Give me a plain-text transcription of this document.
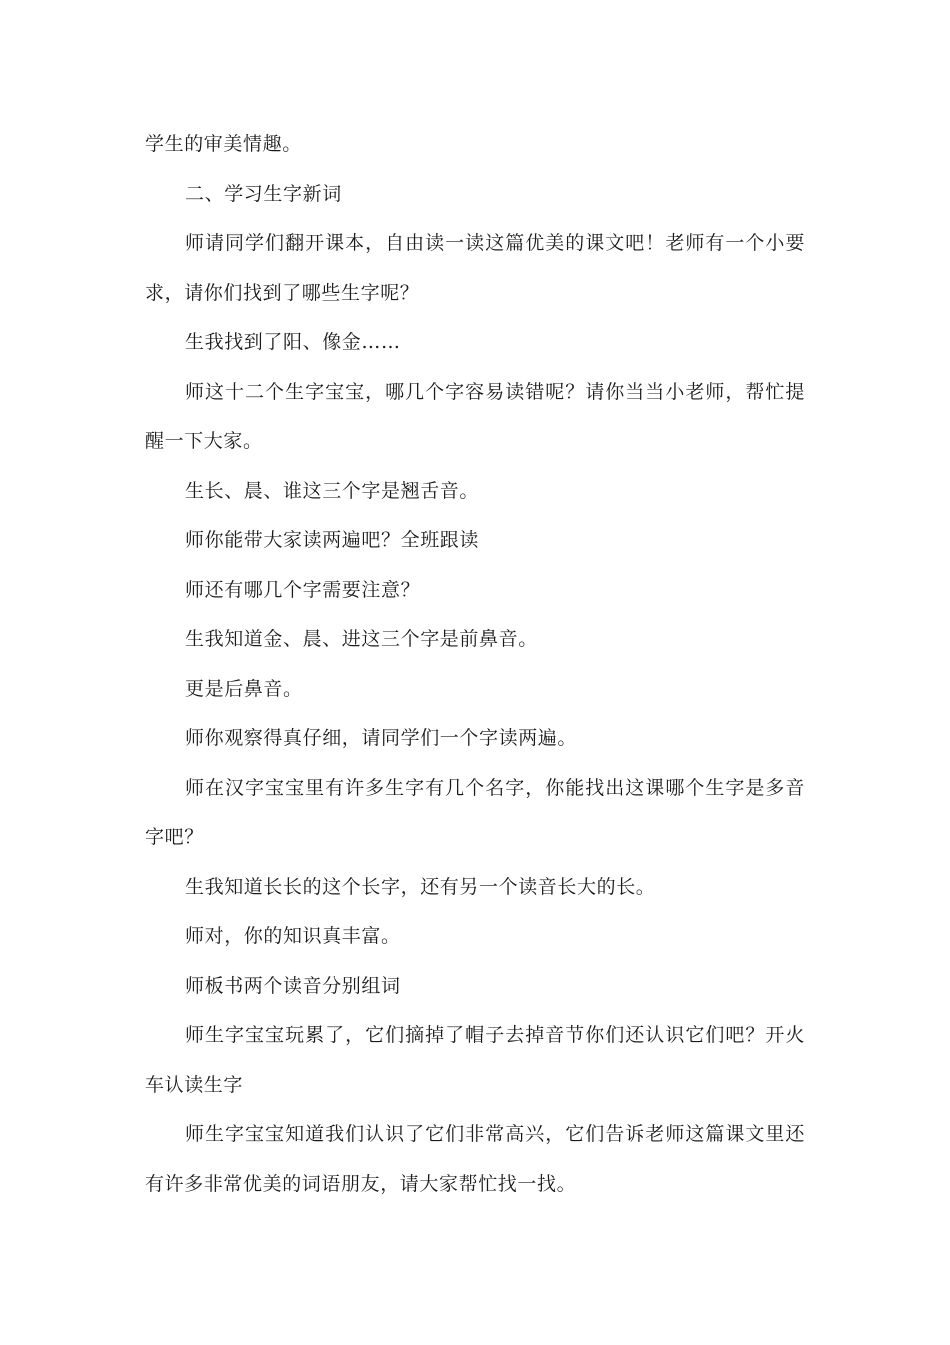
学生的审美情趣。

二、学习生字新词

师请同学们翻开课本，自由读一读这篇优美的课文吧！老师有一个小要求，请你们找到了哪些生字呢？

生我找到了阳、像金……

师这十二个生字宝宝，哪几个字容易读错呢？请你当当小老师，帮忙提醒一下大家。

生长、晨、谁这三个字是翘舌音。

师你能带大家读两遍吧？全班跟读

师还有哪几个字需要注意？

生我知道金、晨、进这三个字是前鼻音。

更是后鼻音。

师你观察得真仔细，请同学们一个字读两遍。

师在汉字宝宝里有许多生字有几个名字，你能找出这课哪个生字是多音字吧？

生我知道长长的这个长字，还有另一个读音长大的长。

师对，你的知识真丰富。

师板书两个读音分别组词

师生字宝宝玩累了，它们摘掉了帽子去掉音节你们还认识它们吧？开火车认读生字

师生字宝宝知道我们认识了它们非常高兴，它们告诉老师这篇课文里还有许多非常优美的词语朋友，请大家帮忙找一找。
